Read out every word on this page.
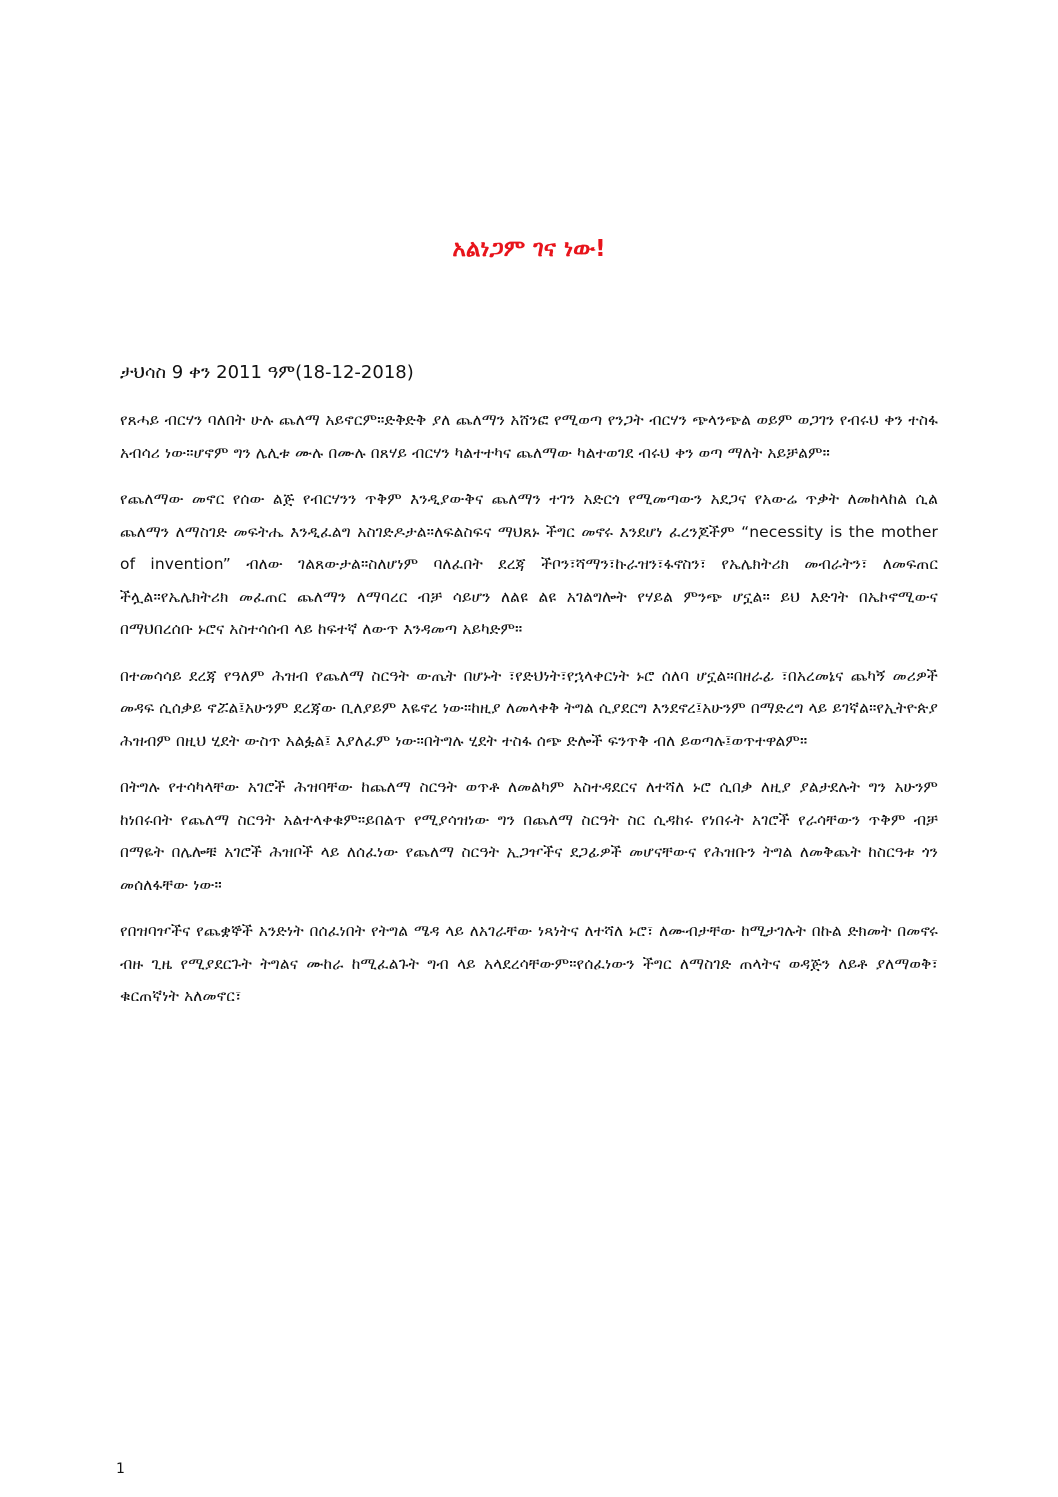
አልነጋም ገና ነው!

ታህሳስ 9 ቀን 2011 ዓም(18-12-2018)

የጸሓይ ብርሃን ባለበት ሁሉ ጨለማ አይኖርም።ድቅድቅ ያለ ጨለማን አሸንፎ የሚወጣ የንጋት ብርሃን ጭላንጭል ወይም ወጋገን የብሩህ ቀን ተስፋ አብሳሪ ነው።ሆኖም ግን ሌሊቱ ሙሉ በሙሉ በጸሃይ ብርሃን ካልተተካና ጨለማው ካልተወገደ ብሩህ ቀን ወጣ ማለት አይቻልም።

የጨለማው መኖር የሰው ልጅ የብርሃንን ጥቅም እንዲያውቅና ጨለማን ተገን አድርጎ የሚመጣውን አደጋና የአውሬ ጥቃት ለመከላከል ሲል ጨለማን ለማስገድ መፍትሔ እንዲፈልግ አስገድዶታል።ለፍልስፍና ማህጸኑ ችግር መኖሩ እንደሆነ ፈረንጆችም “necessity is the mother of invention” ብለው ገልጸውታል።ስለሆነም ባለፈበት ደረጃ ችቦን፣ሻማን፣ኩራዝን፣ፋኖስን፣ የኤሌክትሪክ መብራትን፣ ለመፍጠር ችሏል።የኤሌክትሪክ መፈጠር ጨለማን ለማባረር ብቻ ሳይሆን ለልዩ ልዩ አገልግሎት የሃይል ምንጭ ሆኗል። ይህ እድገት በኤኮኖሚውና በማህበረሰቡ ኑሮና አስተሳሰብ ላይ ከፍተኛ ለውጥ እንዳመጣ አይካድም።

በተመሳሳይ ደረጃ የዓለም ሕዝብ የጨለማ ስርዓት ውጤት በሆኑት ፣የድህነት፣የኋላቀርነት ኑሮ ሰለባ ሆኗል።በዘራፊ ፣በአረመኔና ጨካኝ መሪዎች መዳፍ ሲሰቃይ ኖሯል፤አሁንም ደረጃው ቢለያይም እዬኖረ ነው።ከዚያ ለመላቀቅ ትግል ሲያደርግ እንደኖረ፤አሁንም በማድረግ ላይ ይገኛል።የኢትዮጵያ ሕዝብም በዚህ ሂደት ውስጥ አልፏል፤ እያለፈም ነው።በትግሉ ሂደት ተስፋ ሰጭ ድሎች ፍንጥቅ ብለ ይወጣሉ፤ወጥተዋልም።

በትግሉ የተሳካላቸው አገሮች ሕዝባቸው ከጨለማ ስርዓት ወጥቶ ለመልካም አስተዳደርና ለተሻለ ኑሮ ሲበቃ ለዚያ ያልታደሉት ግን አሁንም ከነበሩበት የጨለማ ስርዓት አልተላቀቁም።ይበልጥ የሚያሳዝነው ግን በጨለማ ስርዓት ስር ሲዳከሩ የነበሩት አገሮች የራሳቸውን ጥቅም ብቻ በማዬት በሌሎቹ አገሮች ሕዝቦች ላይ ለሰፈነው የጨለማ ስርዓት ኢጋዦችና ደጋፊዎች መሆናቸውና የሕዝቡን ትግል ለመቅጨት ከስርዓቱ ጎን መሰለፋቸው ነው።

የበዝባዦችና የጨቋኞች አንድነት በሰፈነበት የትግል ሜዳ ላይ ለአገራቸው ነጻነትና ለተሻለ ኑሮ፣ ለሙብታቸው ከሚታገሉት በኩል ድክመት በመኖሩ ብዙ ጊዜ የሚያደርጉት ትግልና ሙከራ ከሚፈልጉት ግብ ላይ አላደረሳቸውም።የሰፈነውን ችግር ለማስገድ ጠላትና ወዳጅን ለይቶ ያለማወቅ፣ ቁርጠኛነት አለመኖር፣

1
